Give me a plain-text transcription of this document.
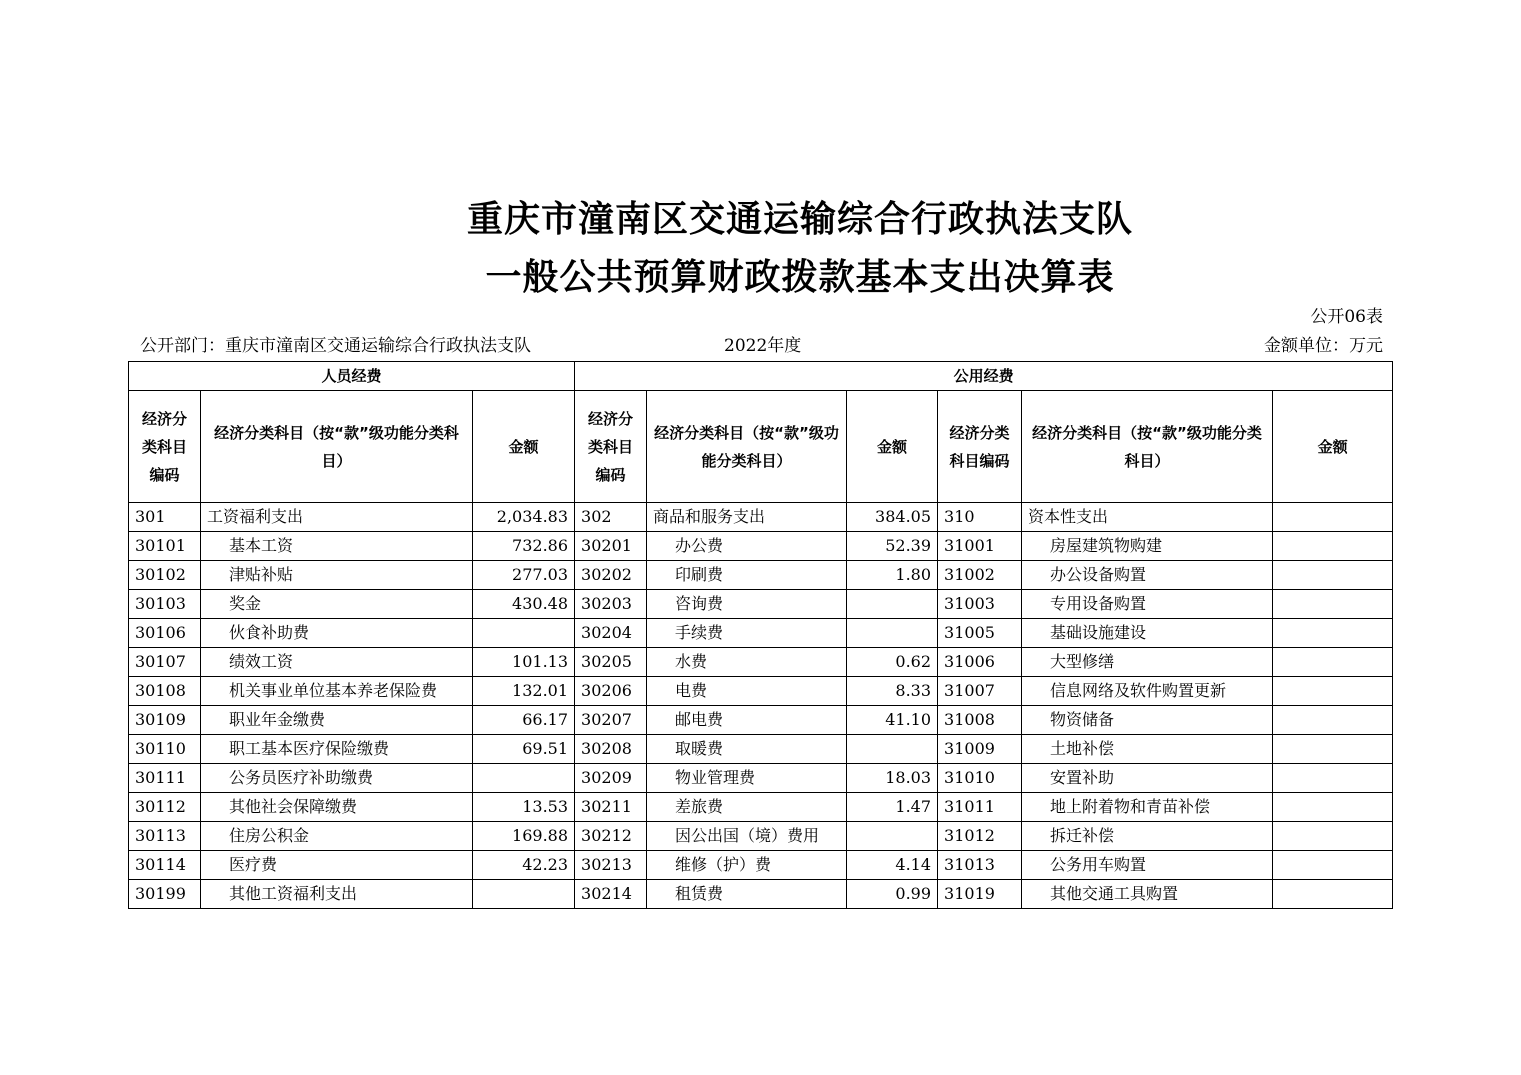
重庆市潼南区交通运输综合行政执法支队
一般公共预算财政拨款基本支出决算表
公开06表
公开部门：重庆市潼南区交通运输综合行政执法支队	2022年度	金额单位：万元
人员经费			公用经费					
经济分类科目编码	经济分类科目（按“款”级功能分类科目）	金额	经济分类科目编码	经济分类科目（按“款”级功能分类科目）	金额	经济分类科目编码	经济分类科目（按“款”级功能分类科目）	金额
301	工资福利支出	2,034.83	302	商品和服务支出	384.05	310	资本性支出	
30101	基本工资	732.86	30201	办公费	52.39	31001	房屋建筑物购建	
30102	津贴补贴	277.03	30202	印刷费	1.80	31002	办公设备购置	
30103	奖金	430.48	30203	咨询费		31003	专用设备购置	
30106	伙食补助费		30204	手续费		31005	基础设施建设	
30107	绩效工资	101.13	30205	水费	0.62	31006	大型修缮	
30108	机关事业单位基本养老保险费	132.01	30206	电费	8.33	31007	信息网络及软件购置更新	
30109	职业年金缴费	66.17	30207	邮电费	41.10	31008	物资储备	
30110	职工基本医疗保险缴费	69.51	30208	取暖费		31009	土地补偿	
30111	公务员医疗补助缴费		30209	物业管理费	18.03	31010	安置补助	
30112	其他社会保障缴费	13.53	30211	差旅费	1.47	31011	地上附着物和青苗补偿	
30113	住房公积金	169.88	30212	因公出国（境）费用		31012	拆迁补偿	
30114	医疗费	42.23	30213	维修（护）费	4.14	31013	公务用车购置	
30199	其他工资福利支出		30214	租赁费	0.99	31019	其他交通工具购置	
